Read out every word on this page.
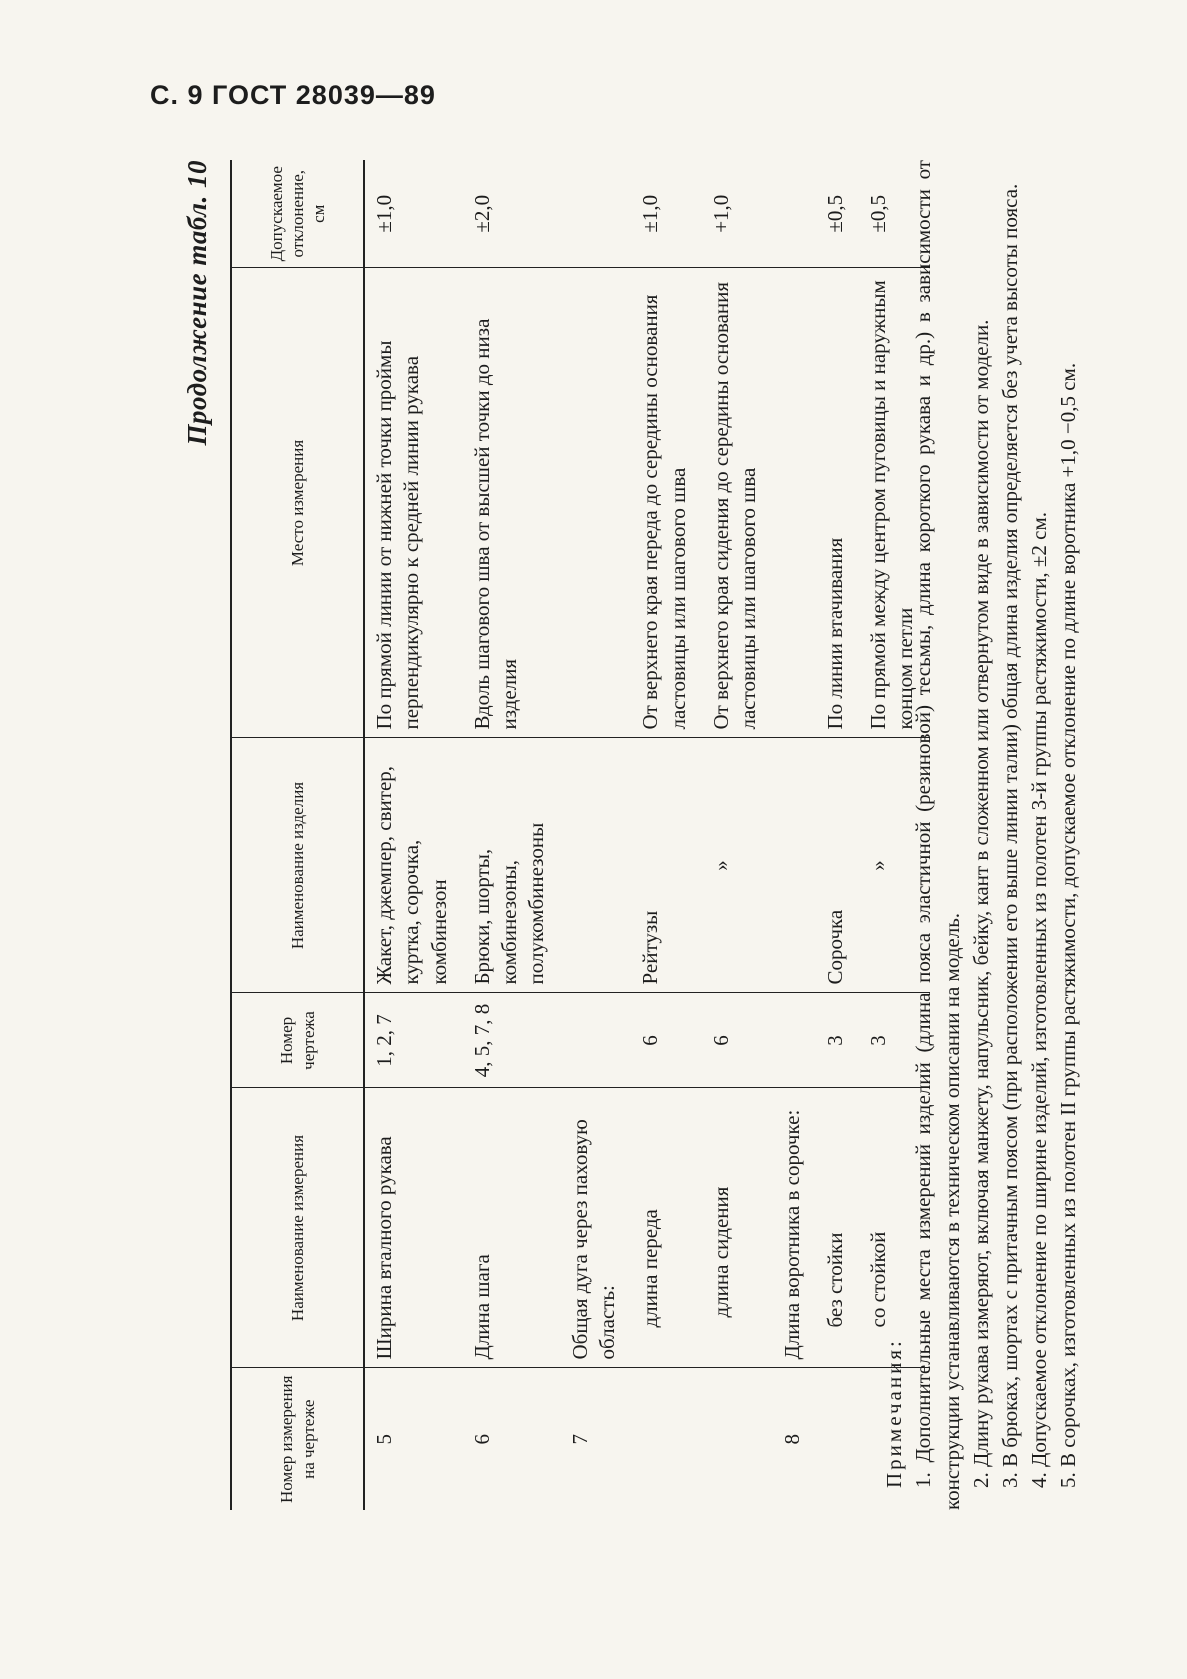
С. 9 ГОСТ 28039—89
Продолжение табл. 10
Номер измерения на чертеже	Наименование измерения	Номер чертежа	Наименование изделия	Место измерения	Допускаемое отклонение, см
5	Ширина вталного рукава	1, 2, 7	Жакет, джемпер, свитер, куртка, сорочка, комбинезон	По прямой линии от нижней точки проймы перпендикулярно к средней линии рукава	±1,0
6	Длина шага	4, 5, 7, 8	Брюки, шорты, комбинезоны, полукомбинезоны	Вдоль шагового шва от высшей точки до низа изделия	±2,0
7	Общая дуга через паховую область:				
	длина переда	6	Рейтузы	От верхнего края переда до середины основания ластовицы или шагового шва	±1,0
	длина сидения	6	»	От верхнего края сидения до середины основания ластовицы или шагового шва	+1,0
8	Длина воротника в сорочке:				
	без стойки	3	Сорочка	По линии втачивания	±0,5
	со стойкой	3	»	По прямой между центром пуговицы и наружным концом петли	±0,5

Примечания: 1. Дополнительные места измерений изделий (длина пояса эластичной (резиновой) тесьмы, длина короткого рукава и др.) в зависимости от конструкции устанавливаются в техническом описании на модель. 2. Длину рукава измеряют, включая манжету, напульсник, бейку, кант в сложенном или отвернутом виде в зависимости от модели. 3. В брюках, шортах с притачным поясом (при расположении его выше линии талии) общая длина изделия определяется без учета высоты пояса. 4. Допускаемое отклонение по ширине изделий, изготовленных из полотен 3-й группы растяжимости, ±2 см. 5. В сорочках, изготовленных из полотен II группы растяжимости, допускаемое отклонение по длине воротника +1,0 −0,5 см.
